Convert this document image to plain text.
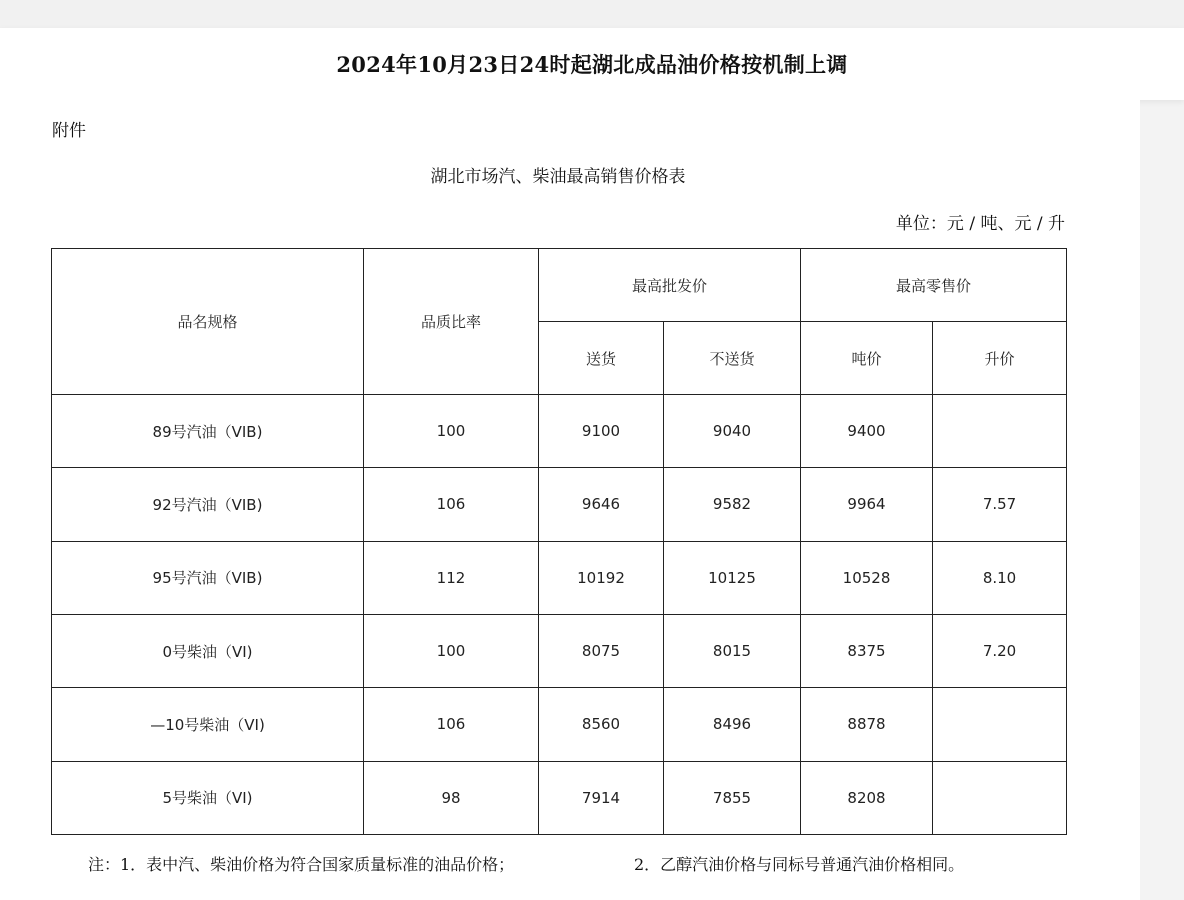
2024年10月23日24时起湖北成品油价格按机制上调
附件
湖北市场汽、柴油最高销售价格表
单位：元 / 吨、元 / 升
品名规格	品质比率	最高批发价		最高零售价	
		送货	不送货	吨价	升价
89号汽油（VIB)	100	9100	9040	9400	
92号汽油（VIB)	106	9646	9582	9964	7.57
95号汽油（VIB)	112	10192	10125	10528	8.10
0号柴油（VI)	100	8075	8015	8375	7.20
—10号柴油（VI)	106	8560	8496	8878	
5号柴油（VI)	98	7914	7855	8208	
注：1．表中汽、柴油价格为符合国家质量标准的油品价格；	2．乙醇汽油价格与同标号普通汽油价格相同。
